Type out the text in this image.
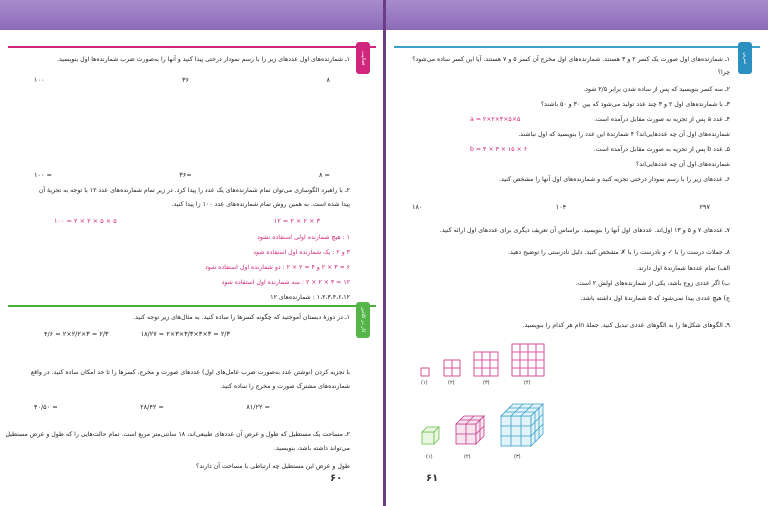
فعالیت
۱ـ شمارنده‌های اول عددهای زیر را با رسم نمودار درختی پیدا کنید و آنها را به‌صورت ضرب شمارنده‌ها اول بنویسید.
۱۰۰	۳۶	۸
۱۰۰ =	۳۶=	۸ =
۲ـ با راهبرد الگوسازی می‌توان تمام شمارنده‌های یک عدد را پیدا کرد. در زیر تمام شمارنده‌های عدد ۱۲ با توجه به تجزیهٔ آن
پیدا شده است. به همین روش تمام شمارنده‌های عدد ۱۰۰ را پیدا کنید.
۱۰۰ = ۲ × ۲ × ۵ × ۵	۱۲ = ۲ × ۲ × ۳
۱ : هیچ شمارنده اولی استفاده نشود
۳ و ۲ : یک شمارنده اول استفاده شود
۶ = ۳ × ۲ و ۴ = ۲ × ۲ : دو شمارنده اول استفاده شود
۱۲ = ۳ × ۲ × ۲ : سه شمارنده اول استفاده شود
۱،۲،۳،۴،۶،۱۲ : شمارنده‌های ۱۲
کار در کلاس
۱ـ در دورهٔ دبستان آموختید که چگونه کسرها را ساده کنید. به مثال‌های زیر توجه کنید.
۴/۶ = ۲×۲/۲×۳ = ۲/۳	۱۸/۲۷ = ۲×۳×۳/۳×۳×۳ = ۲/۳
با تجزیه کردن (نوشتن عدد به‌صورت ضرب عامل‌های اول) عددهای صورت و مخرج، کسرها را تا حد امکان ساده کنید. در واقع
شمارنده‌های مشترک صورت و مخرج را ساده کنید.
۴۰/۵۰ =	۲۸/۴۲ =	۸۱/۲۲ =
۲ـ مساحت یک مستطیل که طول و عرض آن عددهای طبیعی‌اند، ۱۸ سانتی‌متر مربع است. تمام حالت‌هایی را که طول و عرض مستطیل
می‌تواند داشته باشد، بنویسید.
طول و عرض این مستطیل چه ارتباطی با مساحت آن دارند؟
۶۰
تمرین
۱ـ شمارنده‌های اول صورت یک کسر ۲ و ۳ هستند. شمارنده‌های اول مخرج آن کسر ۵ و ۷ هستند. آیا این کسر ساده می‌شود؟
چرا؟
۲ـ سه کسر بنویسید که پس از ساده شدن برابر ۲/۵ شود.
۳ـ با شمارنده‌های اول ۲ و ۳ چند عدد تولید می‌شود که بین ۳۰ و ۵۰ باشند؟
۴ـ عدد a پس از تجزیه به صورت مقابل درآمده است.
a = ۲×۲×۳×۵×۵
شمارنده‌های اول آن چه عددهایی‌اند؟ ۴ شمارندهٔ این عدد را بنویسید که اول نباشند.
۵ـ عدد b پس از تجزیه به صورت مقابل درآمده است.
b = ۴ × ۳ × ۱۵ × ۶
شمارنده‌های اول آن چه عددهایی‌اند؟
۶ـ عددهای زیر را با رسم نمودار درختی تجزیه کنید و شمارنده‌های اول آنها را مشخص کنید.
۱۸۰	۱۰۴	۲۹۷
۷ـ عددهای ۷ و ۵ و ۱۳ اول‌اند. عددهای اول آنها را بنویسید. براساس آن تعریف دیگری برای عددهای اول ارائه کنید.
۸ـ جملات درست را با ✓ و نادرست را با ✗ مشخص کنید. دلیل نادرستی را توضیح دهید.
الف) تمام عددها شمارندهٔ اول دارند.
ب) اگر عددی زوج باشد، یکی از شمارنده‌های اولش ۲ است.
ج) هیچ عددی پیدا نمی‌شود که ۵ شمارندهٔ اول داشته باشد.
۹ـ الگوهای شکل‌ها را به الگوهای عددی تبدیل کنید. جملهٔ nام هر کدام را بنویسید.
(۱)	(۲)	(۳)	(۴)
(۱)	(۲)	(۳)
۶۱
